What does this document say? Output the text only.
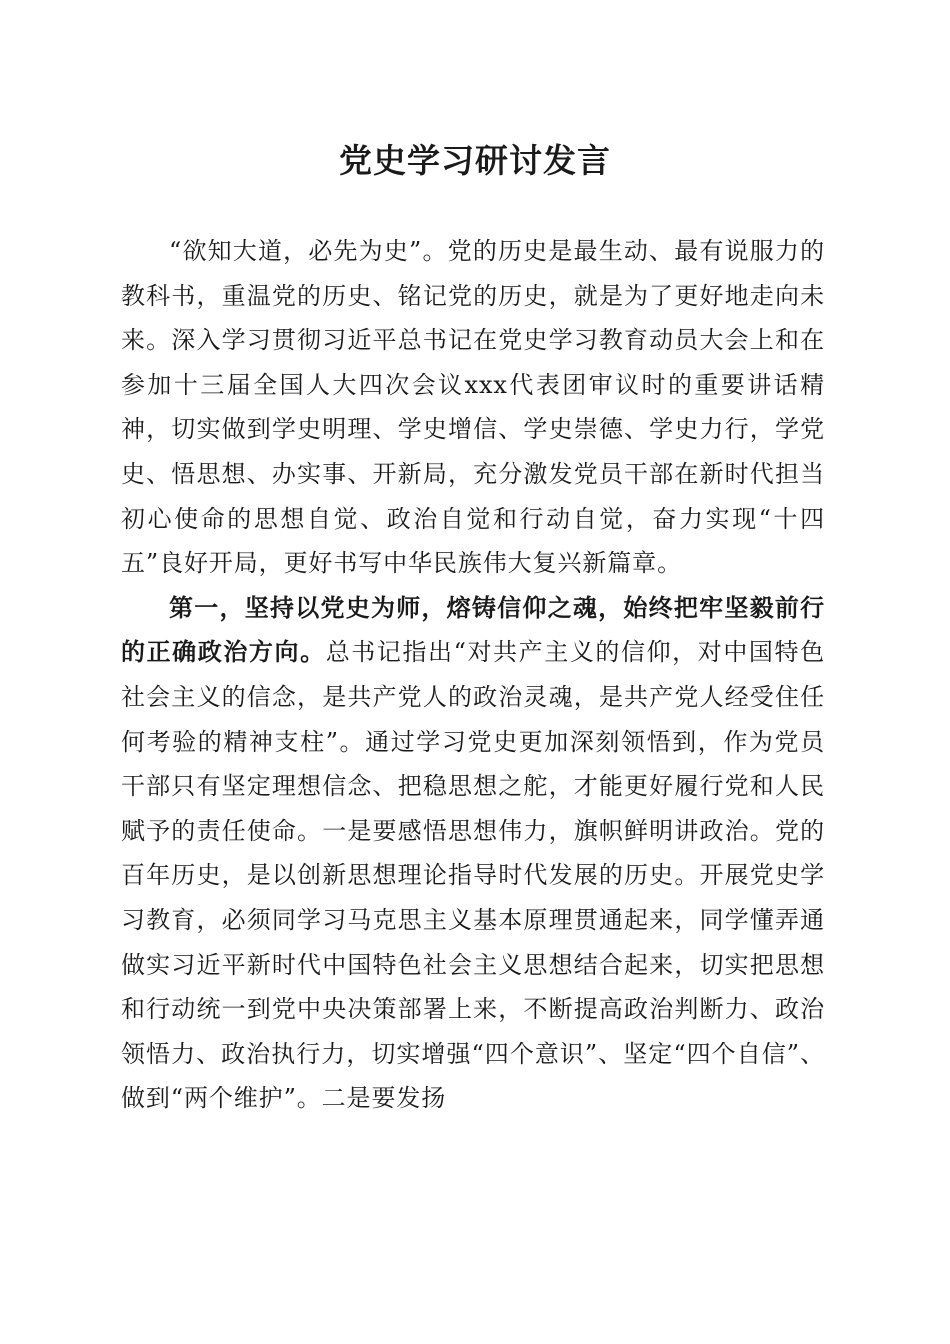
党史学习研讨发言

“欲知大道，必先为史”。党的历史是最生动、最有说服力的教科书，重温党的历史、铭记党的历史，就是为了更好地走向未来。深入学习贯彻习近平总书记在党史学习教育动员大会上和在参加十三届全国人大四次会议xxx代表团审议时的重要讲话精神，切实做到学史明理、学史增信、学史崇德、学史力行，学党史、悟思想、办实事、开新局，充分激发党员干部在新时代担当初心使命的思想自觉、政治自觉和行动自觉，奋力实现“十四五”良好开局，更好书写中华民族伟大复兴新篇章。

第一，坚持以党史为师，熔铸信仰之魂，始终把牢坚毅前行的正确政治方向。总书记指出“对共产主义的信仰，对中国特色社会主义的信念，是共产党人的政治灵魂，是共产党人经受住任何考验的精神支柱”。通过学习党史更加深刻领悟到，作为党员干部只有坚定理想信念、把稳思想之舵，才能更好履行党和人民赋予的责任使命。一是要感悟思想伟力，旗帜鲜明讲政治。党的百年历史，是以创新思想理论指导时代发展的历史。开展党史学习教育，必须同学习马克思主义基本原理贯通起来，同学懂弄通做实习近平新时代中国特色社会主义思想结合起来，切实把思想和行动统一到党中央决策部署上来，不断提高政治判断力、政治领悟力、政治执行力，切实增强“四个意识”、坚定“四个自信”、做到“两个维护”。二是要发扬
